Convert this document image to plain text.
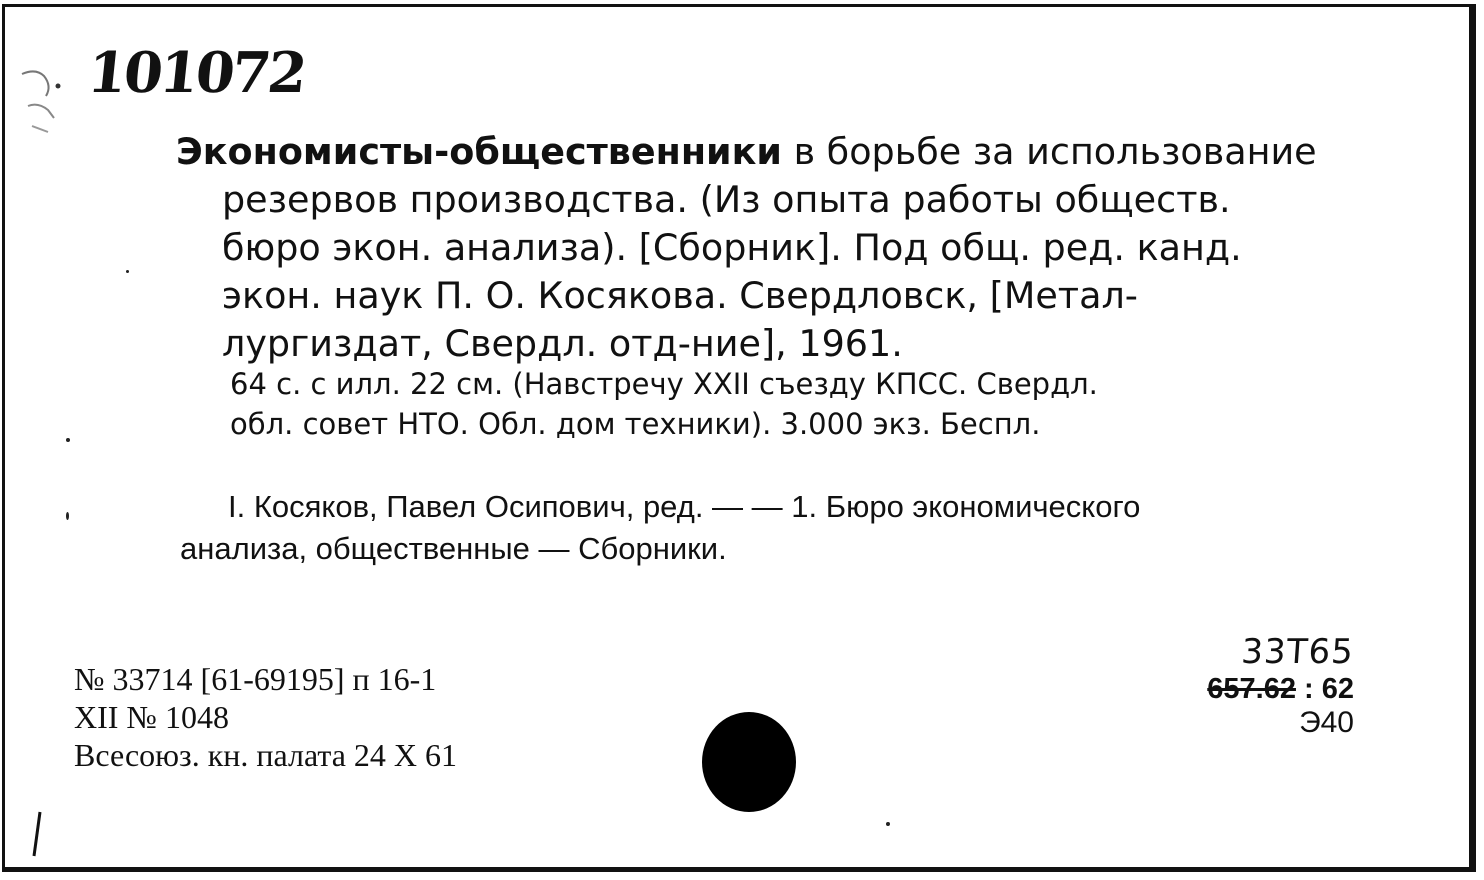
101072
Экономисты-общественники в борьбе за использование
резервов производства. (Из опыта работы обществ.
бюро экон. анализа). [Сборник]. Под общ. ред. канд.
экон. наук П. О. Косякова. Свердловск, [Метал-
лургиздат, Свердл. отд-ние], 1961.
64 с. с илл. 22 см. (Навстречу XXII съезду КПСС. Свердл.
обл. совет НТО. Обл. дом техники). 3.000 экз. Беспл.
I. Косяков, Павел Осипович, ред. — — 1. Бюро экономического
анализа, общественные — Сборники.
№ 33714 [61-69195] п 16-1
XII № 1048
Всесоюз. кн. палата 24 X 61
33Т65
657.62 : 62
Э40
